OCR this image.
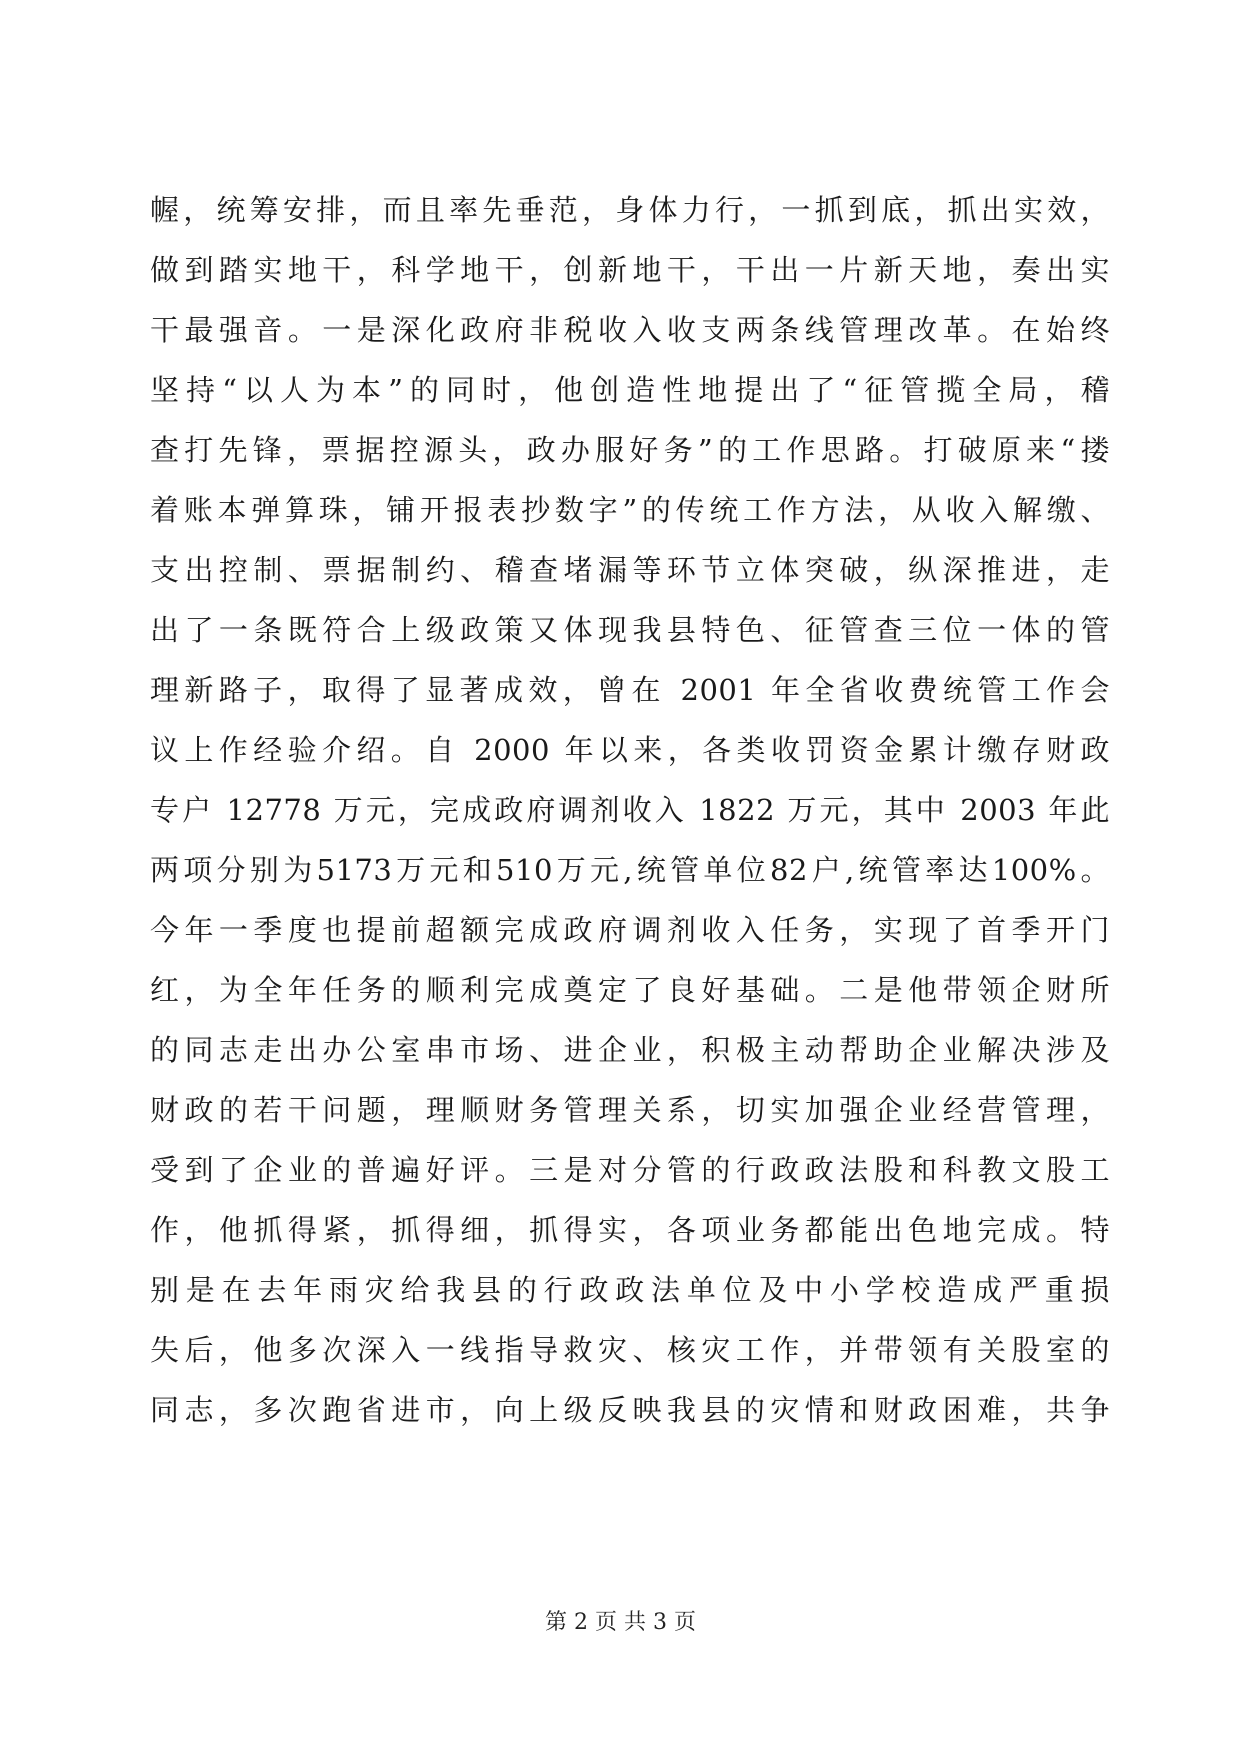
幄，统筹安排，而且率先垂范，身体力行，一抓到底，抓出实效，
做到踏实地干，科学地干，创新地干，干出一片新天地，奏出实
干最强音。一是深化政府非税收入收支两条线管理改革。在始终
坚持“以人为本”的同时，他创造性地提出了“征管揽全局，稽
查打先锋，票据控源头，政办服好务”的工作思路。打破原来“搂
着账本弹算珠，铺开报表抄数字”的传统工作方法，从收入解缴、
支出控制、票据制约、稽查堵漏等环节立体突破，纵深推进，走
出了一条既符合上级政策又体现我县特色、征管查三位一体的管
理新路子，取得了显著成效，曾在 2001 年全省收费统管工作会
议上作经验介绍。自 2000 年以来，各类收罚资金累计缴存财政
专户 12778 万元，完成政府调剂收入 1822 万元，其中 2003 年此
两项分别为5173万元和510万元,统管单位82户,统管率达100%。
今年一季度也提前超额完成政府调剂收入任务，实现了首季开门
红，为全年任务的顺利完成奠定了良好基础。二是他带领企财所
的同志走出办公室串市场、进企业，积极主动帮助企业解决涉及
财政的若干问题，理顺财务管理关系，切实加强企业经营管理，
受到了企业的普遍好评。三是对分管的行政政法股和科教文股工
作，他抓得紧，抓得细，抓得实，各项业务都能出色地完成。特
别是在去年雨灾给我县的行政政法单位及中小学校造成严重损
失后，他多次深入一线指导救灾、核灾工作，并带领有关股室的
同志，多次跑省进市，向上级反映我县的灾情和财政困难，共争
第 2 页 共 3 页
